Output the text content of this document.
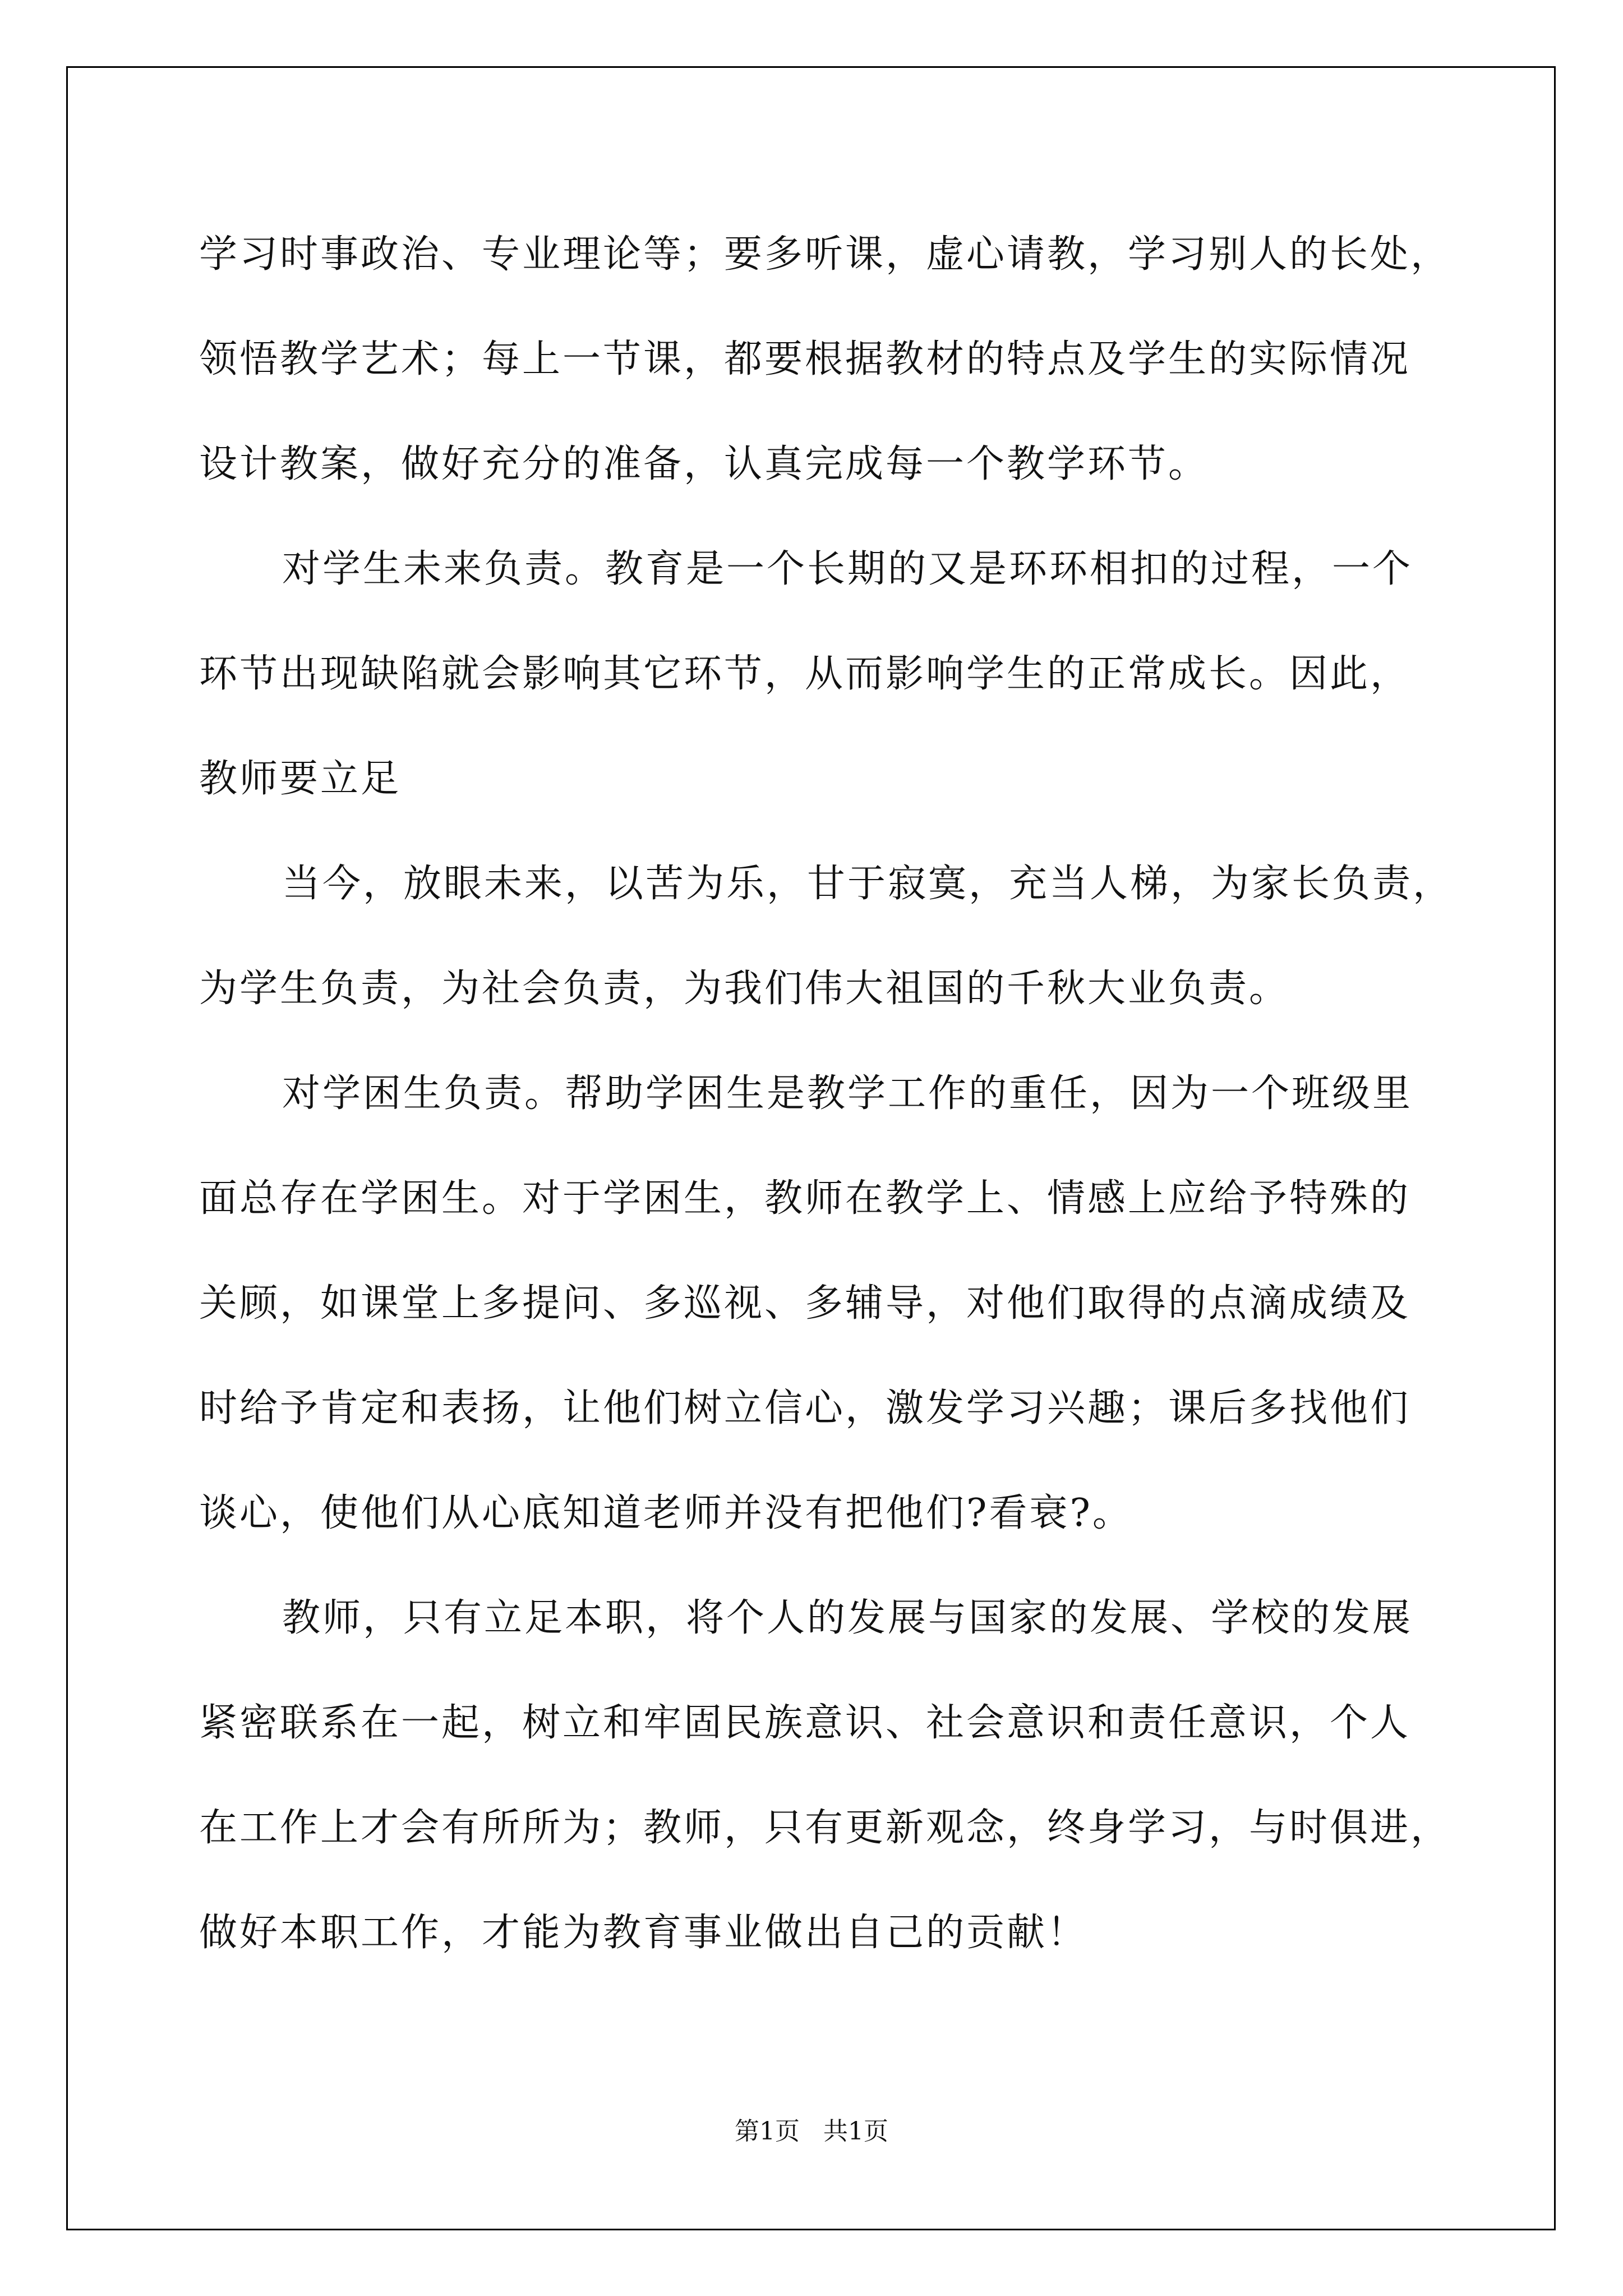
学习时事政治、专业理论等；要多听课，虚心请教，学习别人的长处，
领悟教学艺术；每上一节课，都要根据教材的特点及学生的实际情况
设计教案，做好充分的准备，认真完成每一个教学环节。
对学生未来负责。教育是一个长期的又是环环相扣的过程，一个
环节出现缺陷就会影响其它环节，从而影响学生的正常成长。因此，
教师要立足
当今，放眼未来，以苦为乐，甘于寂寞，充当人梯，为家长负责，
为学生负责，为社会负责，为我们伟大祖国的千秋大业负责。
对学困生负责。帮助学困生是教学工作的重任，因为一个班级里
面总存在学困生。对于学困生，教师在教学上、情感上应给予特殊的
关顾，如课堂上多提问、多巡视、多辅导，对他们取得的点滴成绩及
时给予肯定和表扬，让他们树立信心，激发学习兴趣；课后多找他们
谈心，使他们从心底知道老师并没有把他们?看衰?。
教师，只有立足本职，将个人的发展与国家的发展、学校的发展
紧密联系在一起，树立和牢固民族意识、社会意识和责任意识，个人
在工作上才会有所所为；教师，只有更新观念，终身学习，与时俱进，
做好本职工作，才能为教育事业做出自己的贡献！
第1页   共1页
